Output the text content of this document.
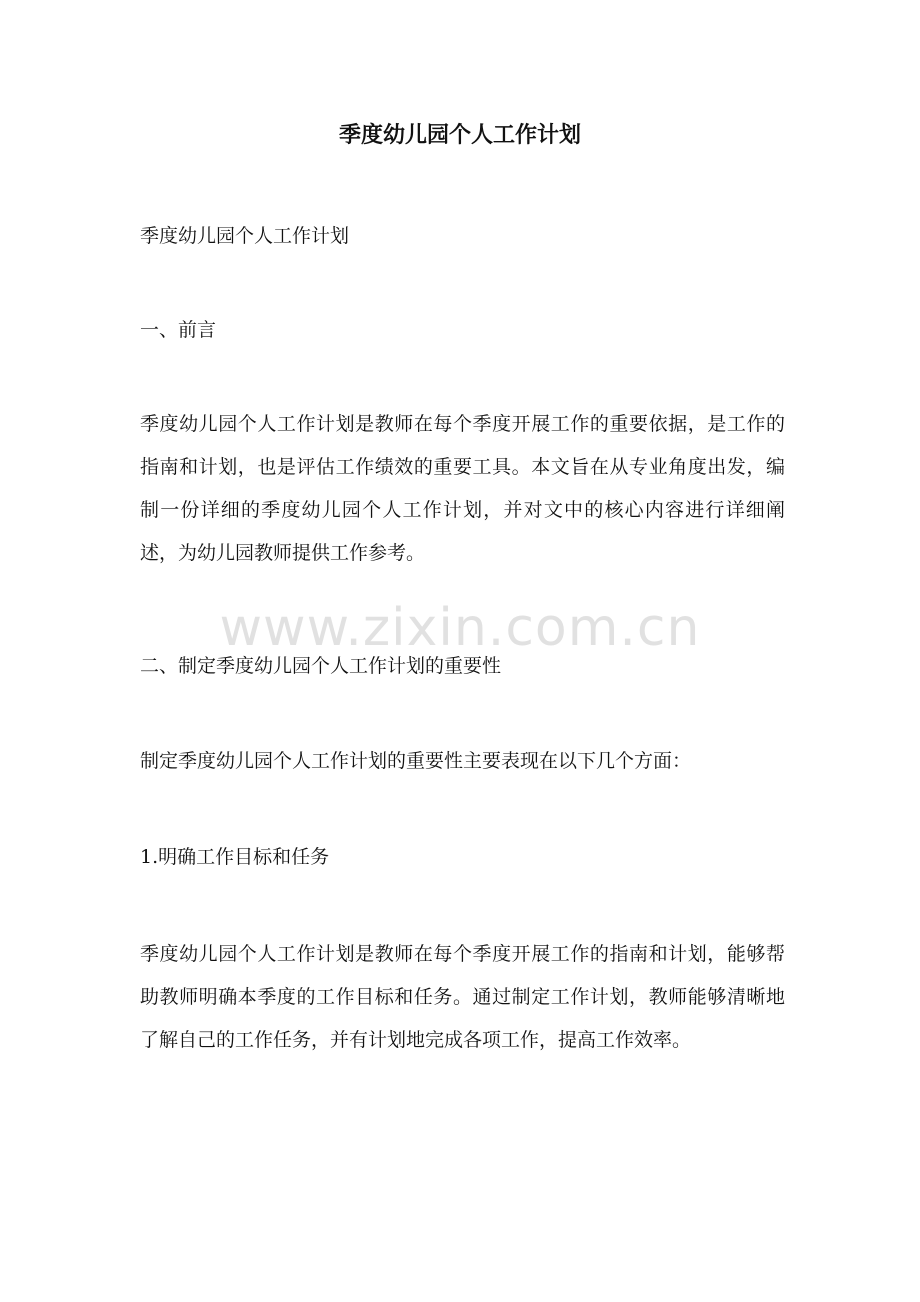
季度幼儿园个人工作计划
季度幼儿园个人工作计划
一、前言
季度幼儿园个人工作计划是教师在每个季度开展工作的重要依据，是工作的指南和计划，也是评估工作绩效的重要工具。本文旨在从专业角度出发，编制一份详细的季度幼儿园个人工作计划，并对文中的核心内容进行详细阐述，为幼儿园教师提供工作参考。
二、制定季度幼儿园个人工作计划的重要性
制定季度幼儿园个人工作计划的重要性主要表现在以下几个方面：
1.明确工作目标和任务
季度幼儿园个人工作计划是教师在每个季度开展工作的指南和计划，能够帮助教师明确本季度的工作目标和任务。通过制定工作计划，教师能够清晰地了解自己的工作任务，并有计划地完成各项工作，提高工作效率。
www.zixin.com.cn
